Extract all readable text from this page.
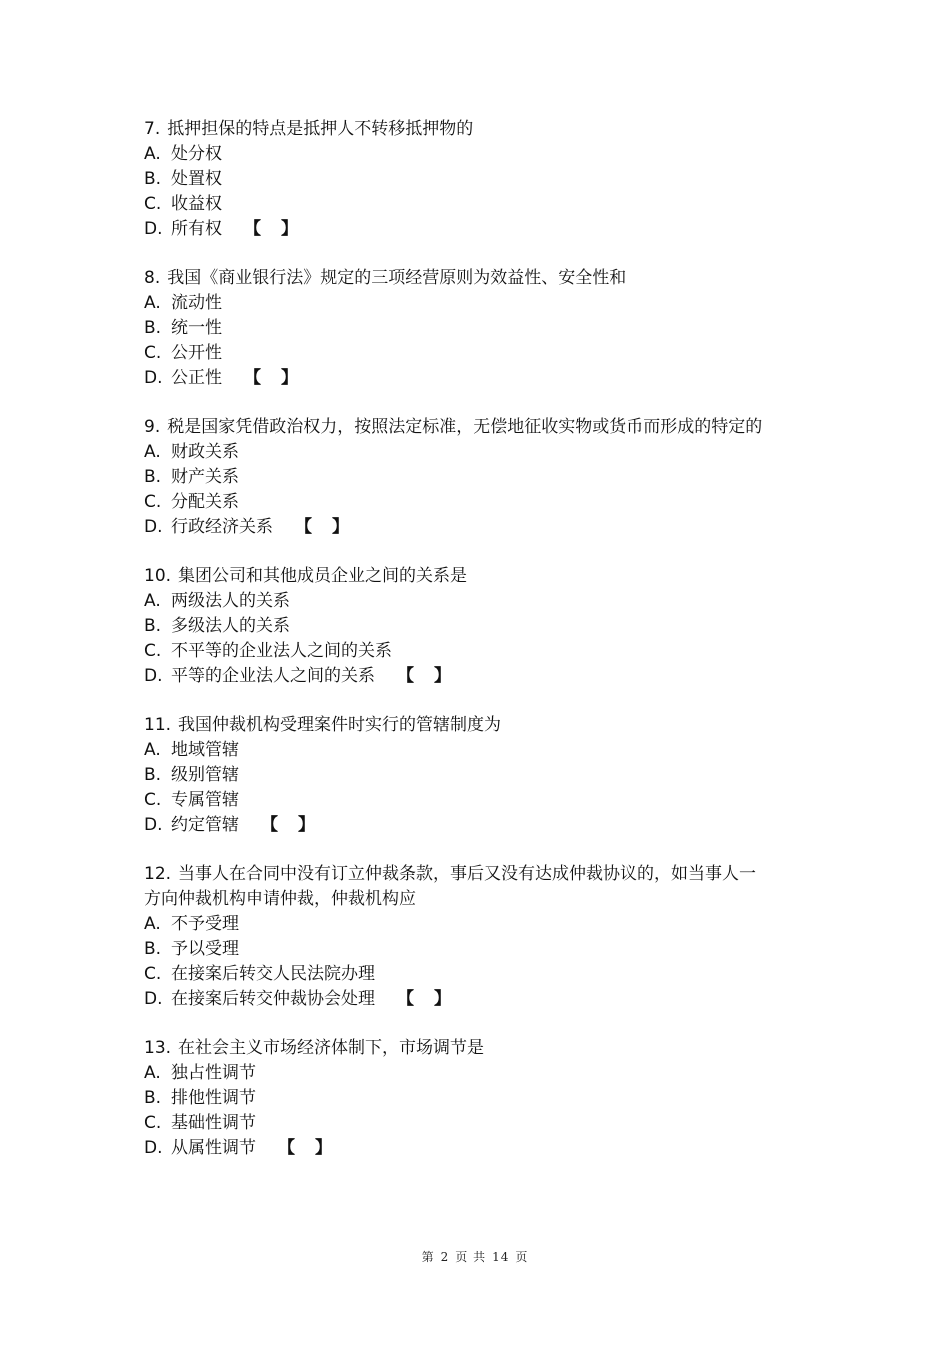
7. 抵押担保的特点是抵押人不转移抵押物的

A. 处分权

B. 处置权

C. 收益权

D. 所有权 【 】

8. 我国《商业银行法》规定的三项经营原则为效益性、安全性和

A. 流动性

B. 统一性

C. 公开性

D. 公正性 【 】

9. 税是国家凭借政治权力，按照法定标准，无偿地征收实物或货币而形成的特定的

A. 财政关系

B. 财产关系

C. 分配关系

D. 行政经济关系 【 】

10. 集团公司和其他成员企业之间的关系是

A. 两级法人的关系

B. 多级法人的关系

C. 不平等的企业法人之间的关系

D. 平等的企业法人之间的关系 【 】

11. 我国仲裁机构受理案件时实行的管辖制度为

A. 地域管辖

B. 级别管辖

C. 专属管辖

D. 约定管辖 【 】

12. 当事人在合同中没有订立仲裁条款，事后又没有达成仲裁协议的，如当事人一方向仲裁机构申请仲裁，仲裁机构应

A. 不予受理

B. 予以受理

C. 在接案后转交人民法院办理

D. 在接案后转交仲裁协会处理 【 】

13. 在社会主义市场经济体制下，市场调节是

A. 独占性调节

B. 排他性调节

C. 基础性调节

D. 从属性调节 【 】

第 2 页 共 14 页
